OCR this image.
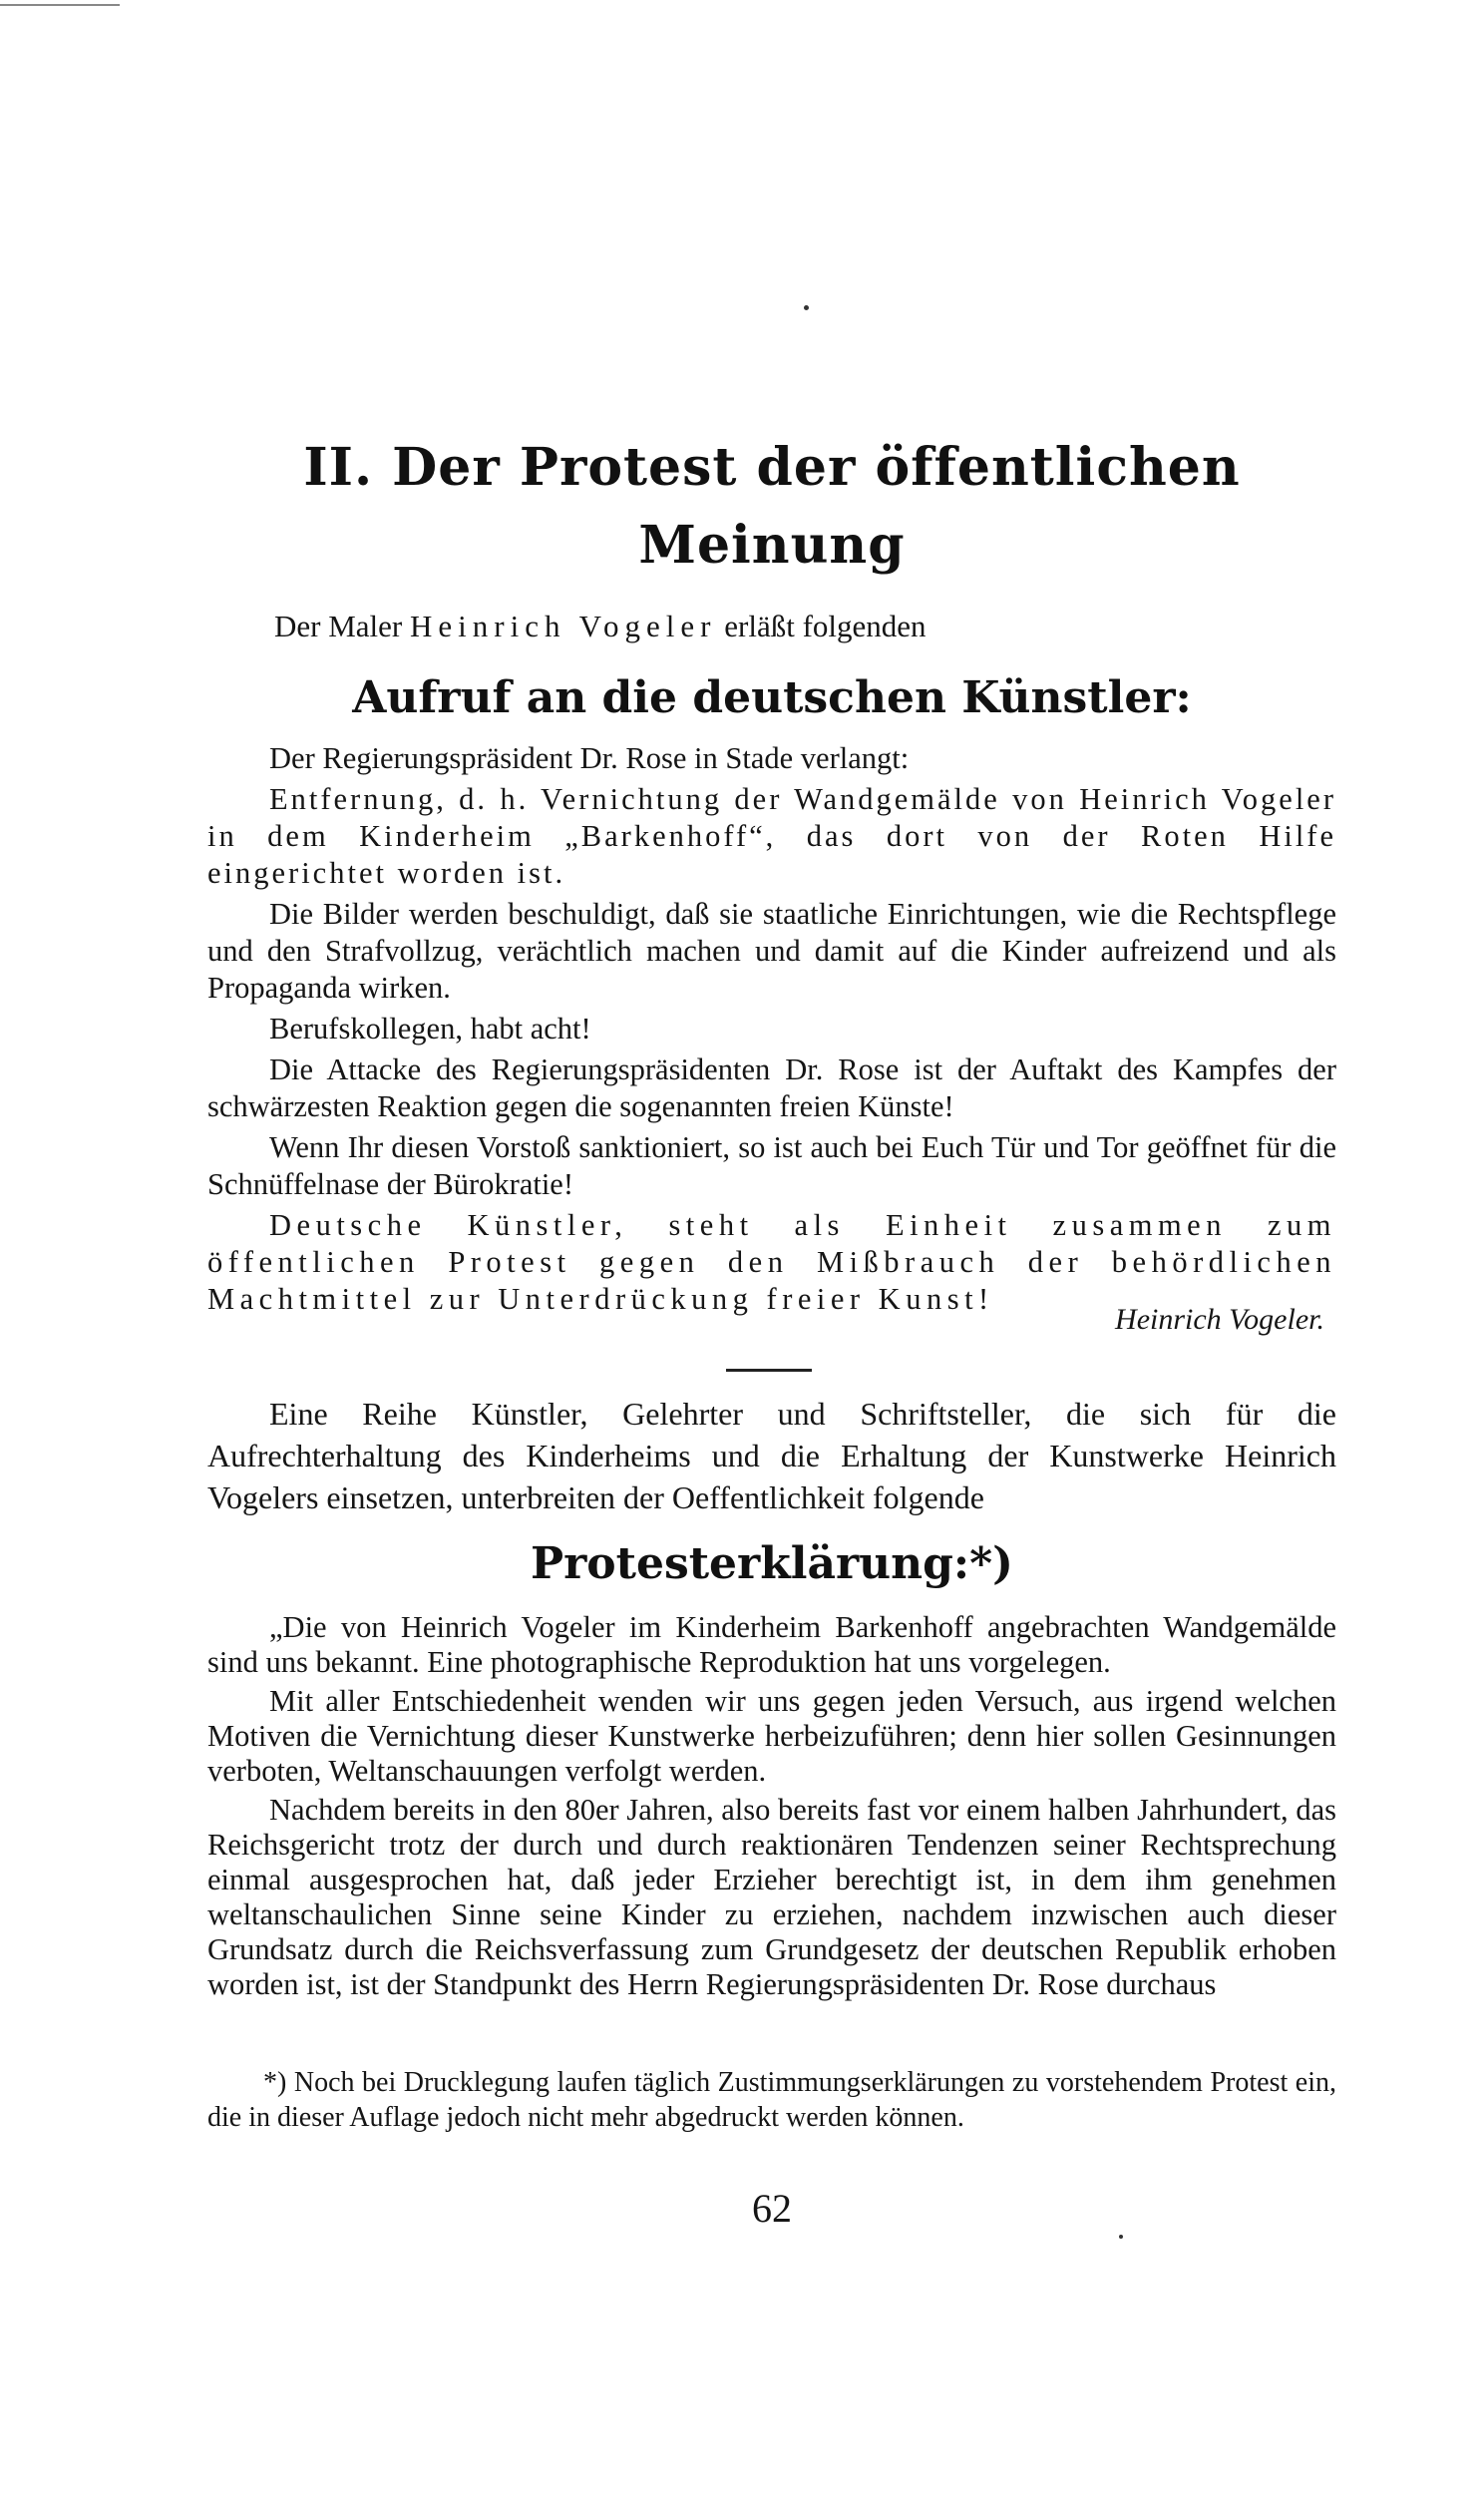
II. Der Protest der öffentlichen
Meinung

Der Maler Heinrich Vogeler erläßt folgenden

Aufruf an die deutschen Künstler:

Der Regierungspräsident Dr. Rose in Stade verlangt:

Entfernung, d. h. Vernichtung der Wandgemälde von Heinrich Vogeler in dem Kinderheim „Barkenhoff“, das dort von der Roten Hilfe eingerichtet worden ist.

Die Bilder werden beschuldigt, daß sie staatliche Einrichtungen, wie die Rechtspflege und den Strafvollzug, verächtlich machen und damit auf die Kinder aufreizend und als Propaganda wirken.

Berufskollegen, habt acht!

Die Attacke des Regierungspräsidenten Dr. Rose ist der Auftakt des Kampfes der schwärzesten Reaktion gegen die sogenannten freien Künste!

Wenn Ihr diesen Vorstoß sanktioniert, so ist auch bei Euch Tür und Tor geöffnet für die Schnüffelnase der Bürokratie!

Deutsche Künstler, steht als Einheit zusammen zum öffentlichen Protest gegen den Mißbrauch der behördlichen Machtmittel zur Unterdrückung freier Kunst!

Heinrich Vogeler.

Eine Reihe Künstler, Gelehrter und Schriftsteller, die sich für die Aufrechterhaltung des Kinderheims und die Erhaltung der Kunstwerke Heinrich Vogelers einsetzen, unterbreiten der Oeffentlichkeit folgende

Protesterklärung:*)

„Die von Heinrich Vogeler im Kinderheim Barkenhoff angebrachten Wandgemälde sind uns bekannt. Eine photographische Reproduktion hat uns vorgelegen.

Mit aller Entschiedenheit wenden wir uns gegen jeden Versuch, aus irgend welchen Motiven die Vernichtung dieser Kunstwerke herbeizuführen; denn hier sollen Gesinnungen verboten, Weltanschauungen verfolgt werden.

Nachdem bereits in den 80er Jahren, also bereits fast vor einem halben Jahrhundert, das Reichsgericht trotz der durch und durch reaktionären Tendenzen seiner Rechtsprechung einmal ausgesprochen hat, daß jeder Erzieher berechtigt ist, in dem ihm genehmen weltanschaulichen Sinne seine Kinder zu erziehen, nachdem inzwischen auch dieser Grundsatz durch die Reichsverfassung zum Grundgesetz der deutschen Republik erhoben worden ist, ist der Standpunkt des Herrn Regierungspräsidenten Dr. Rose durchaus

*) Noch bei Drucklegung laufen täglich Zustimmungserklärungen zu vorstehendem Protest ein, die in dieser Auflage jedoch nicht mehr abgedruckt werden können.

62
